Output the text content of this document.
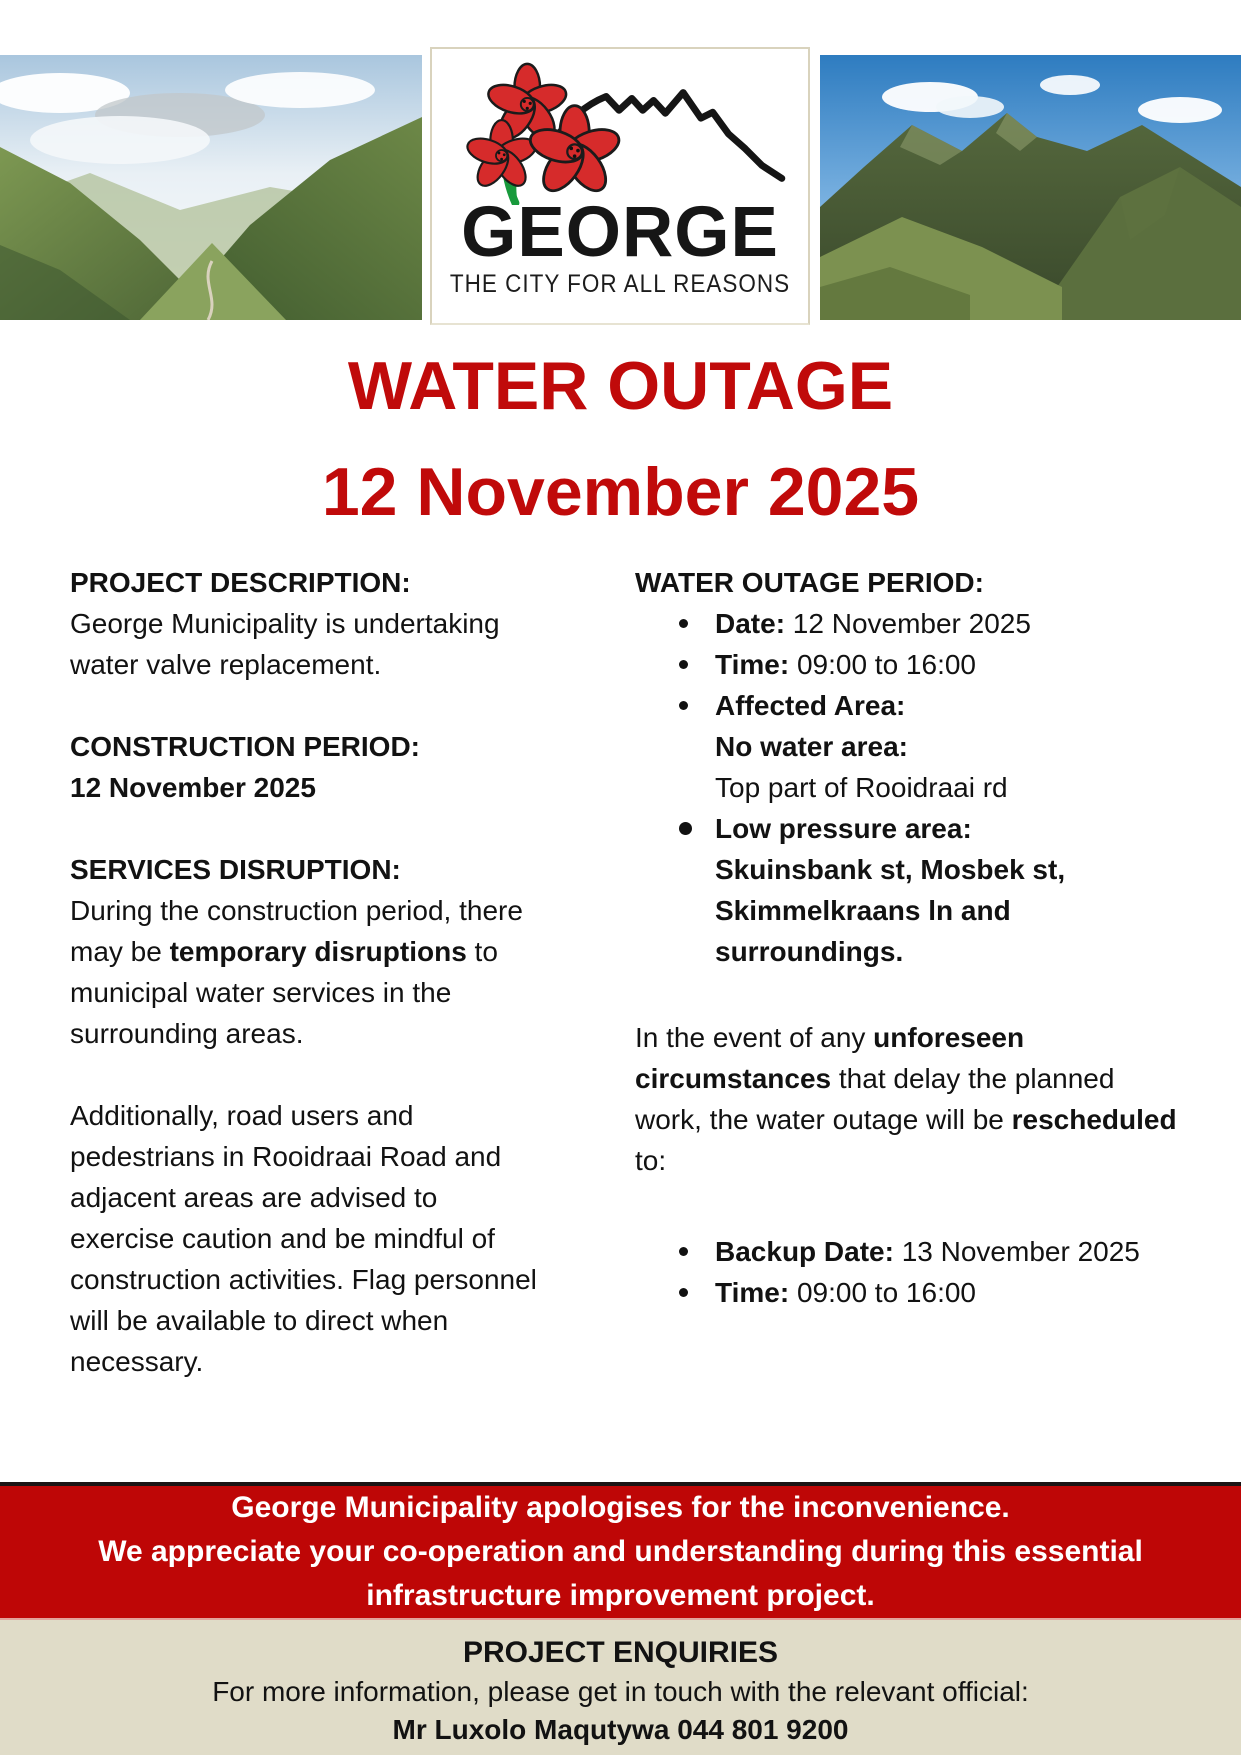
GEORGE
THE CITY FOR ALL REASONS
WATER OUTAGE
12 November 2025
PROJECT DESCRIPTION:

George Municipality is undertaking water valve replacement.

CONSTRUCTION PERIOD:

12 November 2025

SERVICES DISRUPTION:

During the construction period, there may be temporary disruptions to municipal water services in the surrounding areas.

Additionally, road users and pedestrians in Rooidraai Road and adjacent areas are advised to exercise caution and be mindful of construction activities. Flag personnel will be available to direct when necessary.

WATER OUTAGE PERIOD:
Date: 12 November 2025
Time: 09:00 to 16:00
Affected Area:
No water area:
Top part of Rooidraai rd
Low pressure area:
Skuinsbank st, Mosbek st,
Skimmelkraans ln and
surroundings.

In the event of any unforeseen circumstances that delay the planned work, the water outage will be rescheduled to:

Backup Date: 13 November 2025
Time: 09:00 to 16:00
George Municipality apologises for the inconvenience.
We appreciate your co-operation and understanding during this essential
infrastructure improvement project.
PROJECT ENQUIRIES
For more information, please get in touch with the relevant official:
Mr Luxolo Maqutywa 044 801 9200
